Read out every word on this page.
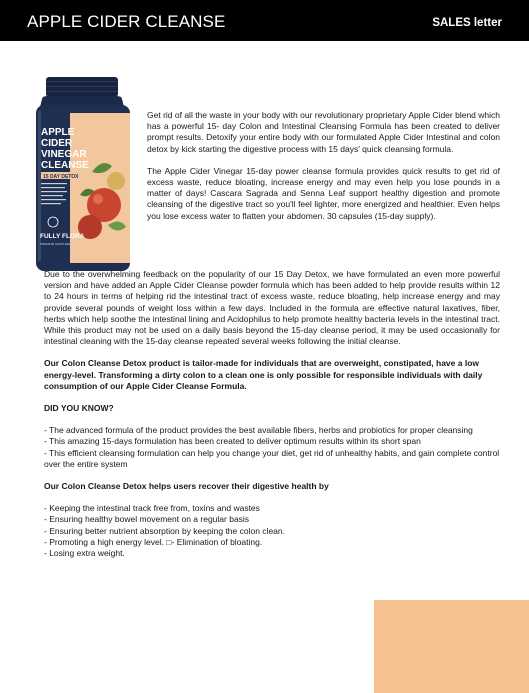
APPLE CIDER CLEANSE	SALES letter
APPLE
CIDER
VINEGAR
CLEANSE
15 DAY DETOX
FULLY FLORA
PREMIUM SUPPLEMENTS

Get rid of all the waste in your body with our revolutionary proprietary Apple Cider blend which has a powerful 15- day Colon and Intestinal Cleansing Formula has been created to deliver prompt results. Detoxify your entire body with our formulated Apple Cider Intestinal and colon detox by kick starting the digestive process with 15 days' quick cleansing formula.

The Apple Cider Vinegar 15-day power cleanse formula provides quick results to get rid of excess waste, reduce bloating, increase energy and may even help you lose pounds in a matter of days! Cascara Sagrada and Senna Leaf support healthy digestion and promote cleansing of the digestive tract so you'll feel lighter, more energized and healthier. Even helps you lose excess water to flatten your abdomen. 30 capsules (15-day supply).

Due to the overwhelming feedback on the popularity of our 15 Day Detox, we have formulated an even more powerful version and have added an Apple Cider Cleanse powder formula which has been added to help provide results within 12 to 24 hours in terms of helping rid the intestinal tract of excess waste, reduce bloating, help increase energy and may provide several pounds of weight loss within a few days. Included in the formula are effective natural laxatives, fiber, herbs which help soothe the intestinal lining and Acidophilus to help promote healthy bacteria levels in the intestinal tract. While this product may not be used on a daily basis beyond the 15-day cleanse period, it may be used occasionally for intestinal cleaning with the 15-day cleanse repeated several weeks following the initial cleanse.

Our Colon Cleanse Detox product is tailor-made for individuals that are overweight, constipated, have a low energy-level. Transforming a dirty colon to a clean one is only possible for responsible individuals with daily consumption of our Apple Cider Cleanse Formula.

DID YOU KNOW?

- The advanced formula of the product provides the best available fibers, herbs and probiotics for proper cleansing
- This amazing 15-days formulation has been created to deliver optimum results within its short span
- This efficient cleansing formulation can help you change your diet, get rid of unhealthy habits, and gain complete control over the entire system

Our Colon Cleanse Detox helps users recover their digestive health by

- Keeping the intestinal track free from, toxins and wastes
- Ensuring healthy bowel movement on a regular basis
- Ensuring better nutrient absorption by keeping the colon clean.
- Promoting a high energy level. □- Elimination of bloating.
- Losing extra weight.
